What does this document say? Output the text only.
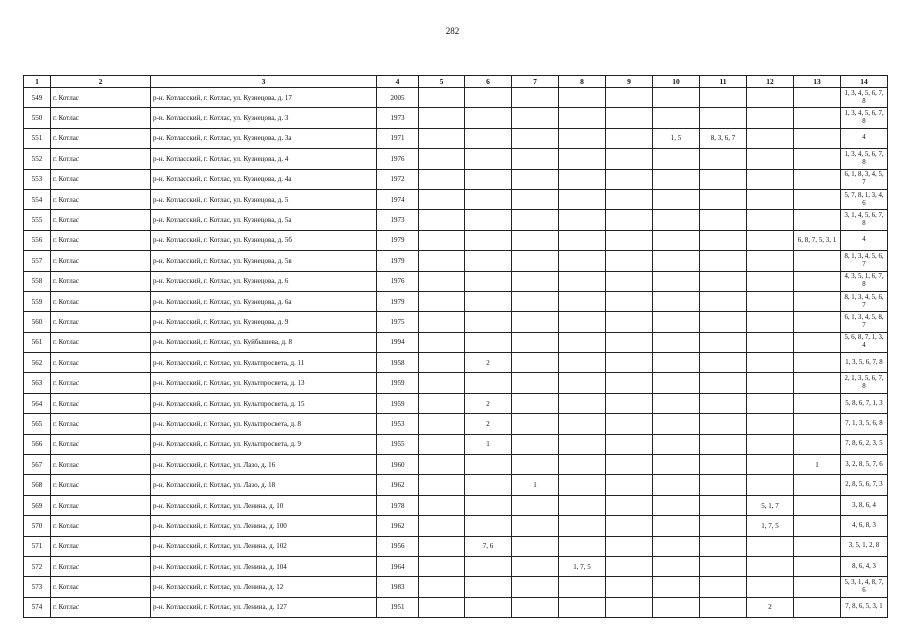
282
1	2	3	4	5	6	7	8	9	10	11	12	13	14
549	г. Котлас	р-н. Котласский, г. Котлас, ул. Кузнецова, д. 17	2005										1, 3, 4, 5, 6, 7, 8
550	г. Котлас	р-н. Котласский, г. Котлас, ул. Кузнецова, д. 3	1973										1, 3, 4, 5, 6, 7, 8
551	г. Котлас	р-н. Котласский, г. Котлас, ул. Кузнецова, д. 3а	1971						1, 5	8, 3, 6, 7			4
552	г. Котлас	р-н. Котласский, г. Котлас, ул. Кузнецова, д. 4	1976										1, 3, 4, 5, 6, 7, 8
553	г. Котлас	р-н. Котласский, г. Котлас, ул. Кузнецова, д. 4а	1972										6, 1, 8, 3, 4, 5, 7
554	г. Котлас	р-н. Котласский, г. Котлас, ул. Кузнецова, д. 5	1974										5, 7, 8, 1, 3, 4, 6
555	г. Котлас	р-н. Котласский, г. Котлас, ул. Кузнецова, д. 5а	1973										3, 1, 4, 5, 6, 7, 8
556	г. Котлас	р-н. Котласский, г. Котлас, ул. Кузнецова, д. 5б	1979									6, 8, 7, 5, 3, 1	4
557	г. Котлас	р-н. Котласский, г. Котлас, ул. Кузнецова, д. 5в	1979										8, 1, 3, 4, 5, 6, 7
558	г. Котлас	р-н. Котласский, г. Котлас, ул. Кузнецова, д. 6	1976										4, 3, 5, 1, 6, 7, 8
559	г. Котлас	р-н. Котласский, г. Котлас, ул. Кузнецова, д. 6а	1979										8, 1, 3, 4, 5, 6, 7
560	г. Котлас	р-н. Котласский, г. Котлас, ул. Кузнецова, д. 9	1975										6, 1, 3, 4, 5, 8, 7
561	г. Котлас	р-н. Котласский, г. Котлас, ул. Куйбышева, д. 8	1994										5, 6, 8, 7, 1, 3, 4
562	г. Котлас	р-н. Котласский, г. Котлас, ул. Культпросвета, д. 11	1958		2								1, 3, 5, 6, 7, 8
563	г. Котлас	р-н. Котласский, г. Котлас, ул. Культпросвета, д. 13	1959										2, 1, 3, 5, 6, 7, 8
564	г. Котлас	р-н. Котласский, г. Котлас, ул. Культпросвета, д. 15	1959		2								5, 8, 6, 7, 1, 3
565	г. Котлас	р-н. Котласский, г. Котлас, ул. Культпросвета, д. 8	1953		2								7, 1, 3, 5, 6, 8
566	г. Котлас	р-н. Котласский, г. Котлас, ул. Культпросвета, д. 9	1955		1								7, 8, 6, 2, 3, 5
567	г. Котлас	р-н. Котласский, г. Котлас, ул. Лазо, д. 16	1960									1	3, 2, 8, 5, 7, 6
568	г. Котлас	р-н. Котласский, г. Котлас, ул. Лазо, д. 18	1962			1							2, 8, 5, 6, 7, 3
569	г. Котлас	р-н. Котласский, г. Котлас, ул. Ленина, д. 10	1978								5, 1, 7		3, 8, 6, 4
570	г. Котлас	р-н. Котласский, г. Котлас, ул. Ленина, д. 100	1962								1, 7, 5		4, 6, 8, 3
571	г. Котлас	р-н. Котласский, г. Котлас, ул. Ленина, д. 102	1956		7, 6								3, 5, 1, 2, 8
572	г. Котлас	р-н. Котласский, г. Котлас, ул. Ленина, д. 104	1964				1, 7, 5						8, 6, 4, 3
573	г. Котлас	р-н. Котласский, г. Котлас, ул. Ленина, д. 12	1983										5, 3, 1, 4, 8, 7, 6
574	г. Котлас	р-н. Котласский, г. Котлас, ул. Ленина, д. 127	1951								2		7, 8, 6, 5, 3, 1
